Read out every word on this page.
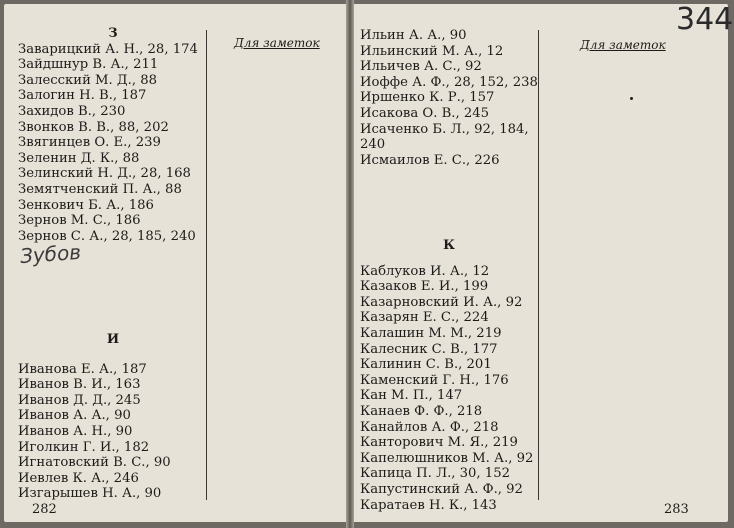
З
Заварицкий А. Н., 28, 174
Зайдшнур В. А., 211
Залесский М. Д., 88
Залогин Н. В., 187
Захидов В., 230
Звонков В. В., 88, 202
Звягинцев О. Е., 239
Зеленин Д. К., 88
Зелинский Н. Д., 28, 168
Земятченский П. А., 88
Зенкович Б. А., 186
Зернов М. С., 186
Зернов С. А., 28, 185, 240
Зубов
И
Иванова Е. А., 187
Иванов В. И., 163
Иванов Д. Д., 245
Иванов А. А., 90
Иванов А. Н., 90
Иголкин Г. И., 182
Игнатовский В. С., 90
Иевлев К. А., 246
Изгарышев Н. А., 90
Для заметок
282
344
Ильин А. А., 90
Ильинский М. А., 12
Ильичев А. С., 92
Иоффе А. Ф., 28, 152, 238
Иршенко К. Р., 157
Исакова О. В., 245
Исаченко Б. Л., 92, 184, 240
Исмаилов Е. С., 226
К
Каблуков И. А., 12
Казаков Е. И., 199
Казарновский И. А., 92
Казарян Е. С., 224
Калашин М. М., 219
Калесник С. В., 177
Калинин С. В., 201
Каменский Г. Н., 176
Кан М. П., 147
Канаев Ф. Ф., 218
Канайлов А. Ф., 218
Канторович М. Я., 219
Капелюшников М. А., 92
Капица П. Л., 30, 152
Капустинский А. Ф., 92
Каратаев Н. К., 143
Для заметок
283
